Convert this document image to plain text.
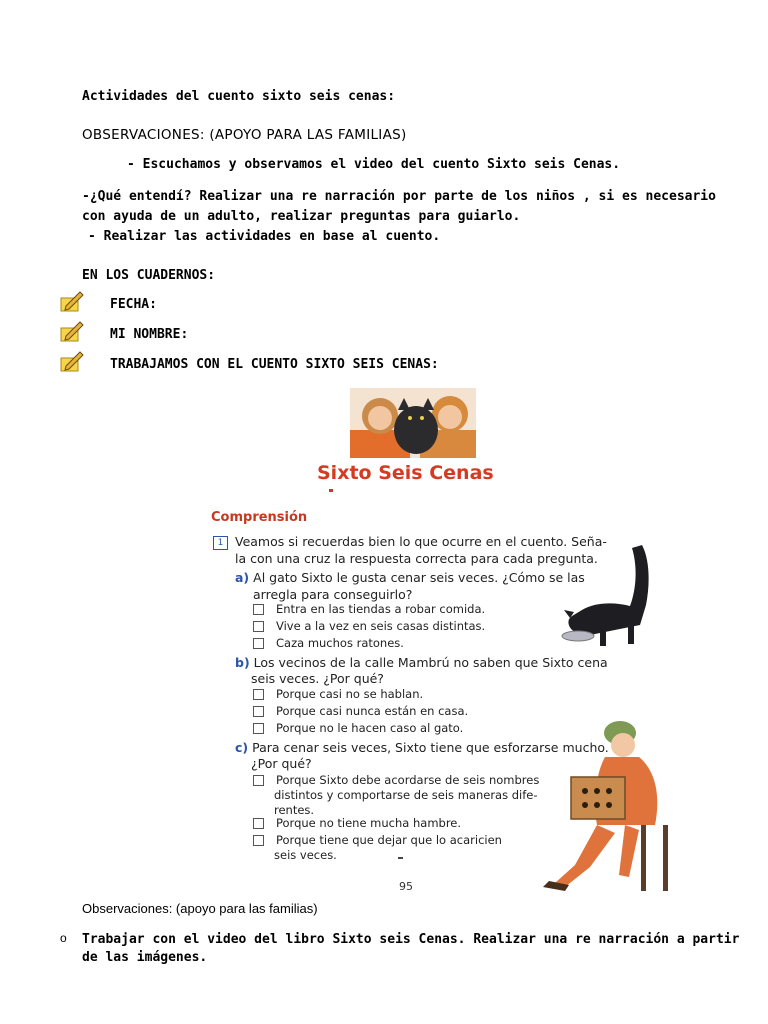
Actividades del cuento sixto seis cenas:
OBSERVACIONES: (APOYO PARA LAS FAMILIAS)
- Escuchamos y observamos el video del cuento Sixto seis Cenas.
-¿Qué entendí? Realizar una re narración por parte de los niños , si es necesario
con ayuda de un adulto, realizar preguntas para guiarlo.
- Realizar las actividades en base al cuento.
EN LOS CUADERNOS:
FECHA:
MI NOMBRE:
TRABAJAMOS CON EL CUENTO SIXTO SEIS CENAS:
Sixto Seis Cenas
Comprensión
1 Veamos si recuerdas bien lo que ocurre en el cuento. Seña-
la con una cruz la respuesta correcta para cada pregunta.
a) Al gato Sixto le gusta cenar seis veces. ¿Cómo se las
arregla para conseguirlo?
Entra en las tiendas a robar comida.
Vive a la vez en seis casas distintas.
Caza muchos ratones.
b) Los vecinos de la calle Mambrú no saben que Sixto cena
seis veces. ¿Por qué?
Porque casi no se hablan.
Porque casi nunca están en casa.
Porque no le hacen caso al gato.
c) Para cenar seis veces, Sixto tiene que esforzarse mucho.
¿Por qué?
Porque Sixto debe acordarse de seis nombres
distintos y comportarse de seis maneras dife-
rentes.
Porque no tiene mucha hambre.
Porque tiene que dejar que lo acaricien
seis veces.
95
Observaciones: (apoyo para las familias)
o Trabajar con el video del libro Sixto seis Cenas. Realizar una re narración a partir
de las imágenes.
